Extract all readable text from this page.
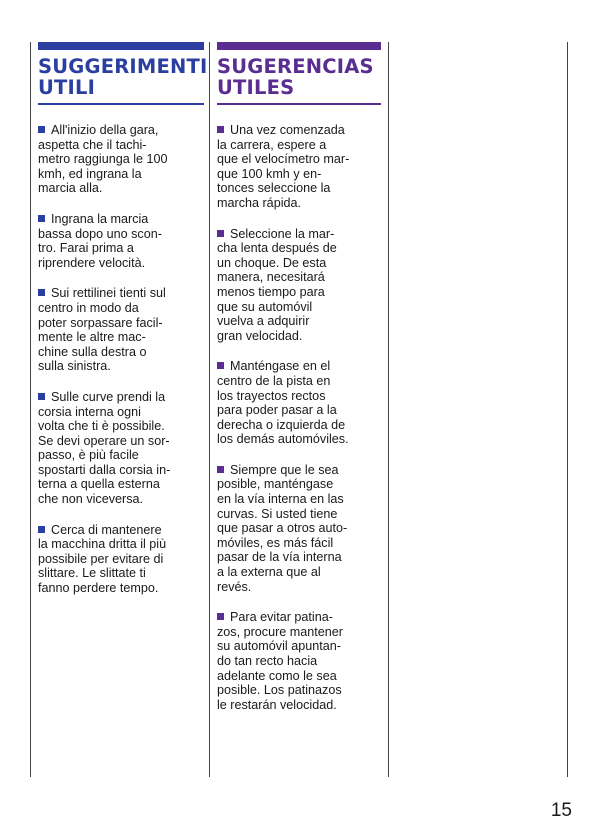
SUGGERIMENTI
UTILI
All'inizio della gara,
aspetta che il tachi-
metro raggiunga le 100
kmh, ed ingrana la
marcia alla.
Ingrana la marcia
bassa dopo uno scon-
tro. Farai prima a
riprendere velocità.
Sui rettilinei tienti sul
centro in modo da
poter sorpassare facil-
mente le altre mac-
chine sulla destra o
sulla sinistra.
Sulle curve prendi la
corsia interna ogni
volta che ti è possibile.
Se devi operare un sor-
passo, è più facile
spostarti dalla corsia in-
terna a quella esterna
che non viceversa.
Cerca di mantenere
la macchina dritta il più
possibile per evitare di
slittare. Le slittate ti
fanno perdere tempo.
SUGERENCIAS
UTILES
Una vez comenzada
la carrera, espere a
que el velocímetro mar-
que 100 kmh y en-
tonces seleccione la
marcha rápida.
Seleccione la mar-
cha lenta después de
un choque. De esta
manera, necesitará
menos tiempo para
que su automóvil
vuelva a adquirir
gran velocidad.
Manténgase en el
centro de la pista en
los trayectos rectos
para poder pasar a la
derecha o izquierda de
los demás automóviles.
Siempre que le sea
posible, manténgase
en la vía interna en las
curvas. Si usted tiene
que pasar a otros auto-
móviles, es más fácil
pasar de la vía interna
a la externa que al
revés.
Para evitar patina-
zos, procure mantener
su automóvil apuntan-
do tan recto hacia
adelante como le sea
posible. Los patinazos
le restarán velocidad.
15
